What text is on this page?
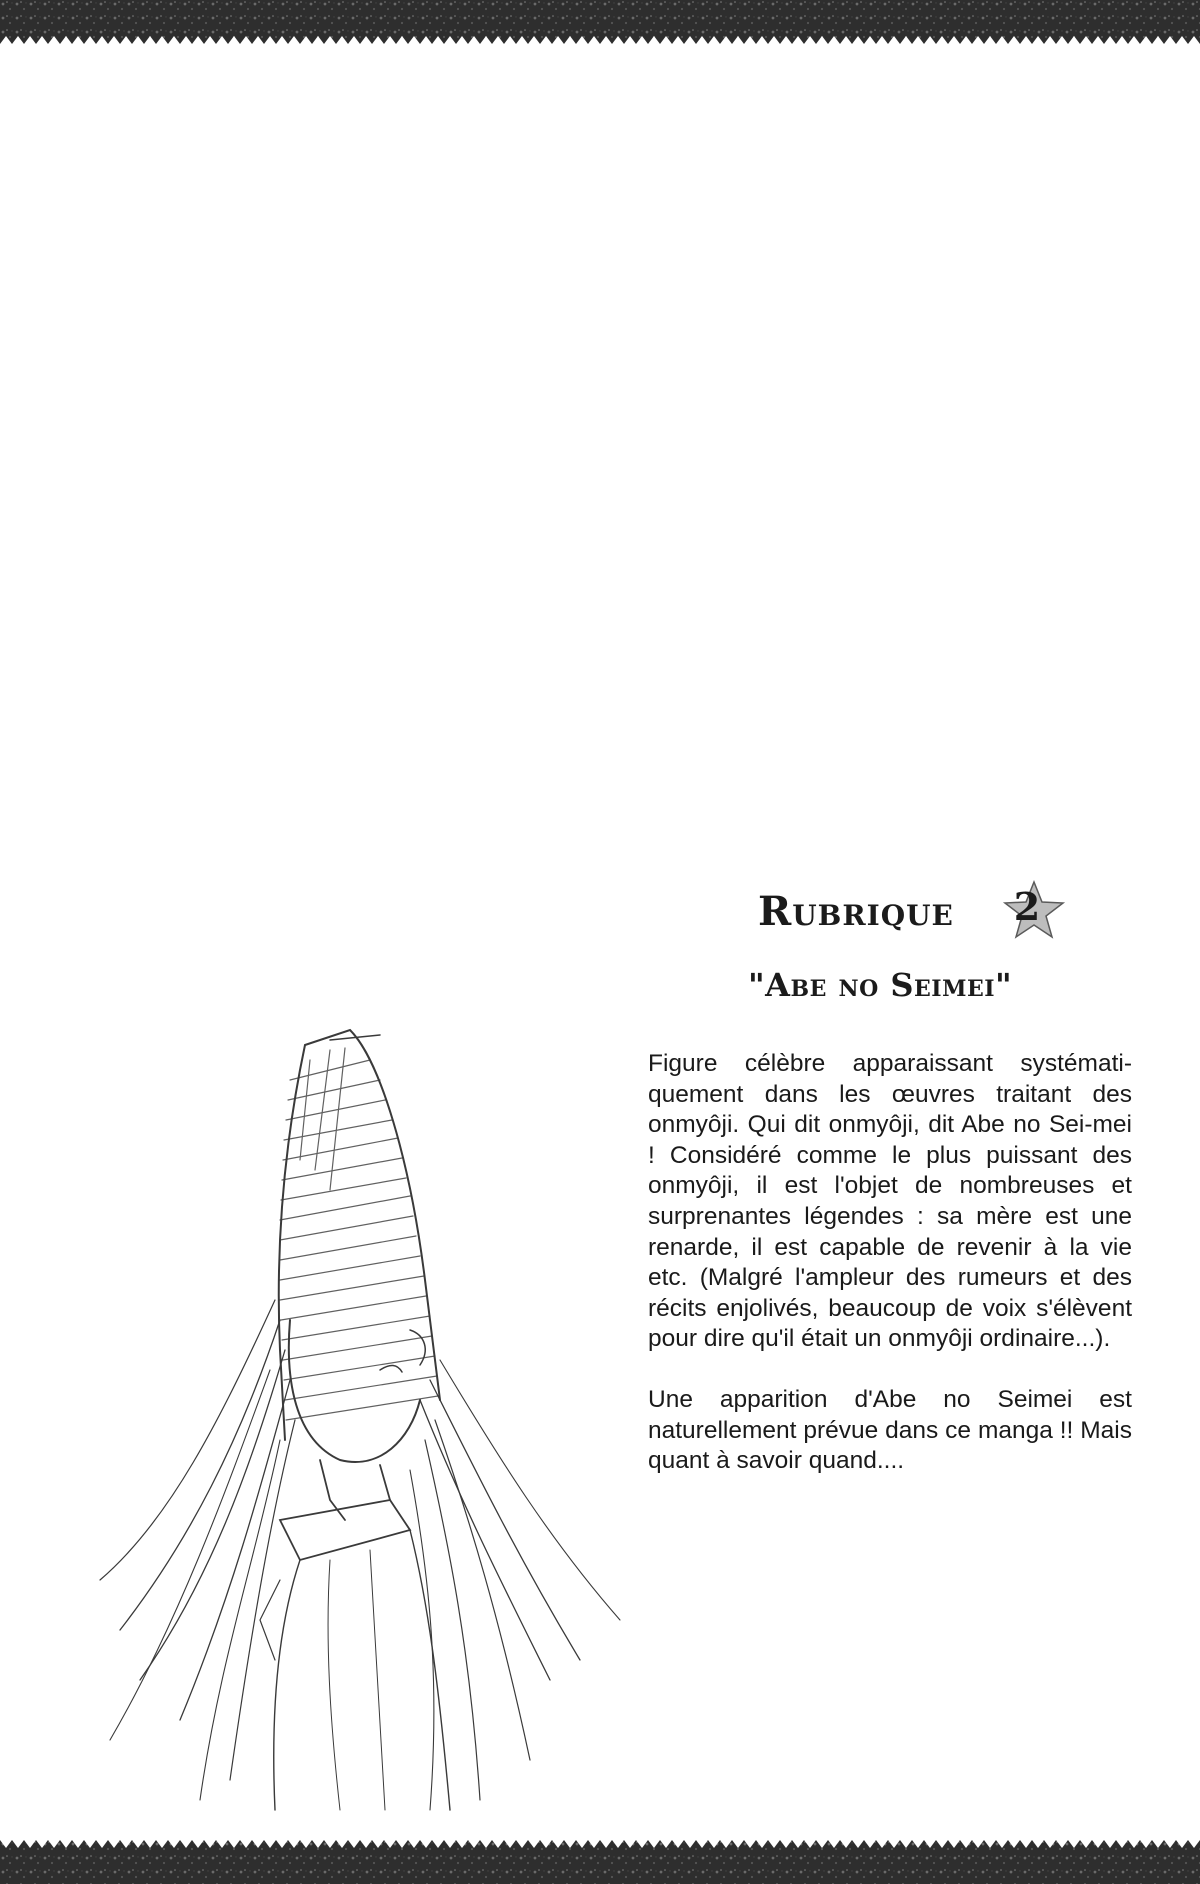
Rubrique	2
"Abe no Seimei"

Figure célèbre apparaissant systémati-quement dans les œuvres traitant des onmyôji. Qui dit onmyôji, dit Abe no Sei-mei ! Considéré comme le plus puissant des onmyôji, il est l'objet de nombreuses et surprenantes légendes : sa mère est une renarde, il est capable de revenir à la vie etc. (Malgré l'ampleur des rumeurs et des récits enjolivés, beaucoup de voix s'élèvent pour dire qu'il était un onmyôji ordinaire...).

Une apparition d'Abe no Seimei est naturellement prévue dans ce manga !! Mais quant à savoir quand....
